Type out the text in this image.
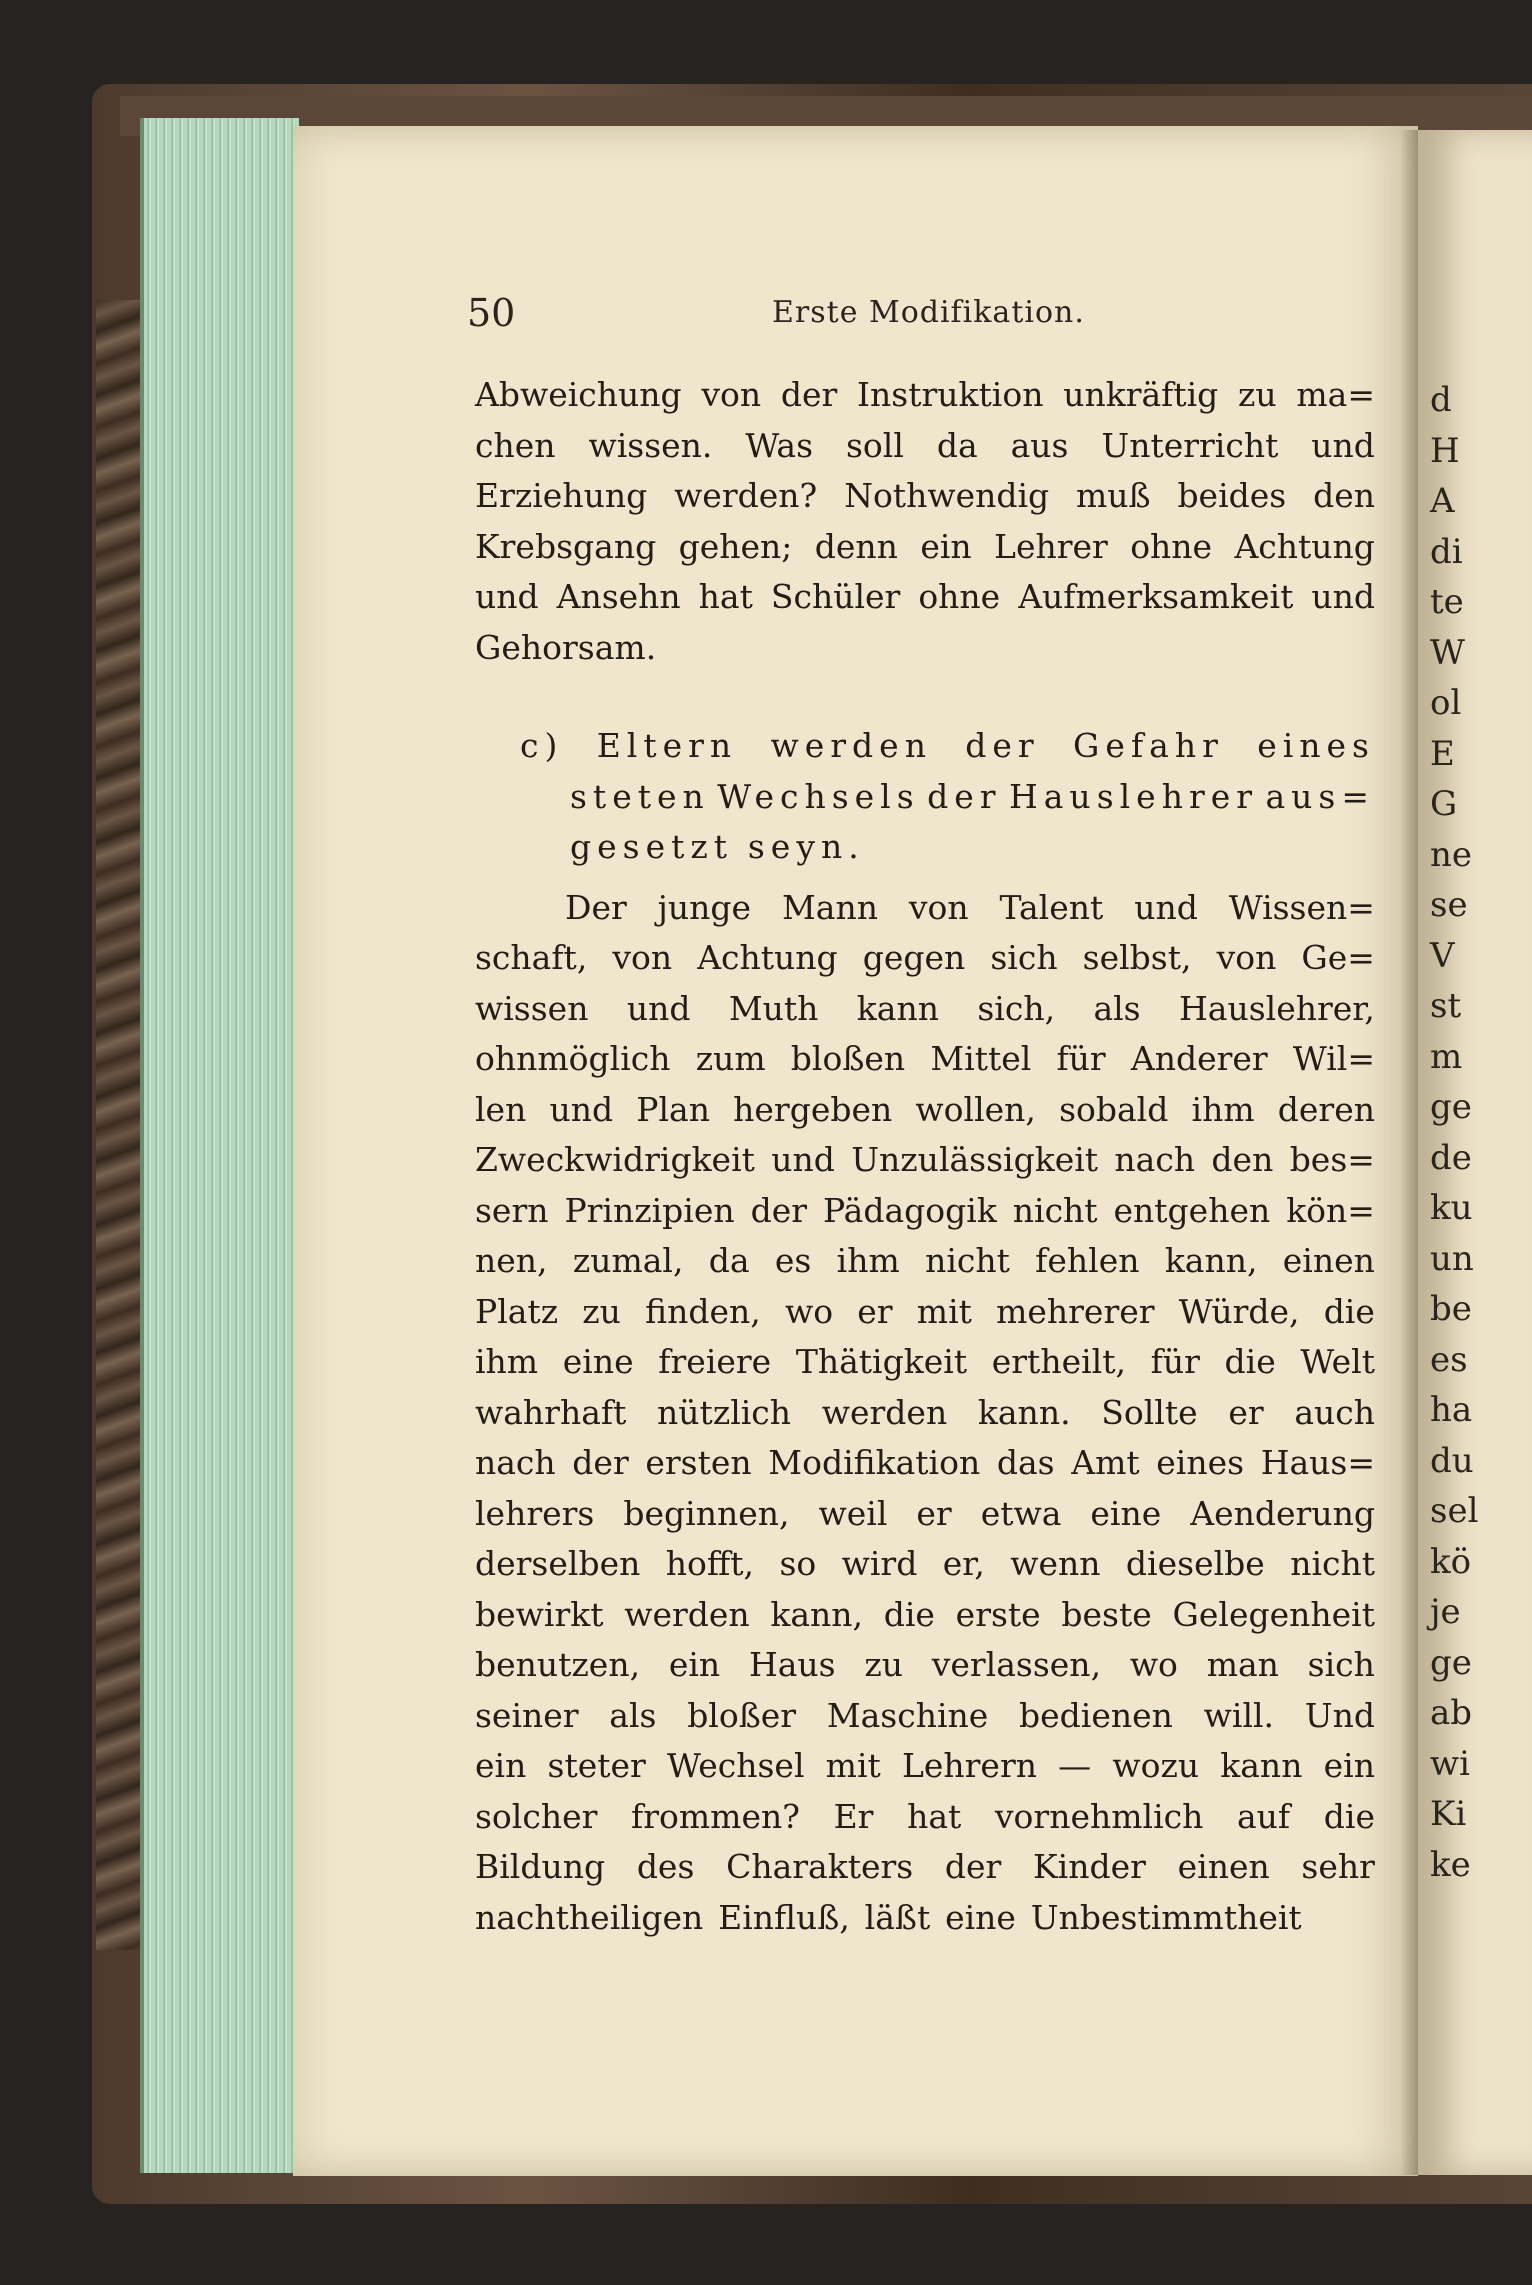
d
H
A
di
te
W
ol
E
G
ne
se
V
st
m
ge
de
ku
un
be
es
ha
du
sel
kö
je
ge
ab
wi
Ki
ke
50	Erste Modifikation.
Abweichung von der Instruktion unkräftig zu ma=
chen wissen. Was soll da aus Unterricht und
Erziehung werden? Nothwendig muß beides den
Krebsgang gehen; denn ein Lehrer ohne Achtung
und Ansehn hat Schüler ohne Aufmerksamkeit und
Gehorsam.
c) Eltern werden der Gefahr eines
steten Wechsels der Hauslehrer aus=
gesetzt seyn.
Der junge Mann von Talent und Wissen=
schaft, von Achtung gegen sich selbst, von Ge=
wissen und Muth kann sich, als Hauslehrer,
ohnmöglich zum bloßen Mittel für Anderer Wil=
len und Plan hergeben wollen, sobald ihm deren
Zweckwidrigkeit und Unzulässigkeit nach den bes=
sern Prinzipien der Pädagogik nicht entgehen kön=
nen, zumal, da es ihm nicht fehlen kann, einen
Platz zu finden, wo er mit mehrerer Würde, die
ihm eine freiere Thätigkeit ertheilt, für die Welt
wahrhaft nützlich werden kann. Sollte er auch
nach der ersten Modifikation das Amt eines Haus=
lehrers beginnen, weil er etwa eine Aenderung
derselben hofft, so wird er, wenn dieselbe nicht
bewirkt werden kann, die erste beste Gelegenheit
benutzen, ein Haus zu verlassen, wo man sich
seiner als bloßer Maschine bedienen will. Und
ein steter Wechsel mit Lehrern — wozu kann ein
solcher frommen? Er hat vornehmlich auf die
Bildung des Charakters der Kinder einen sehr
nachtheiligen Einfluß, läßt eine Unbestimmtheit
